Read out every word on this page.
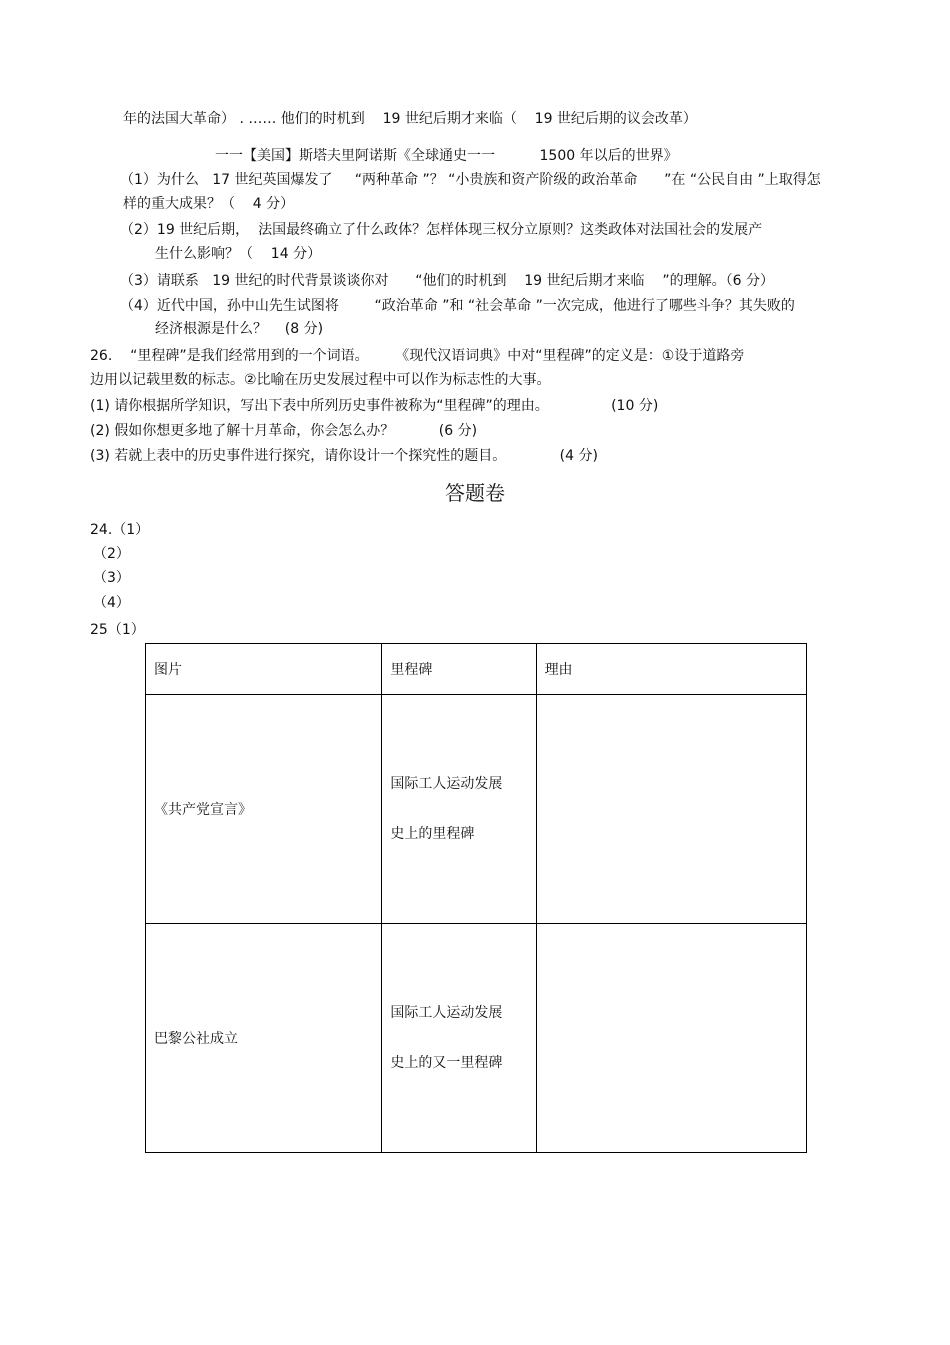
年的法国大革命） . …… 他们的时机到    19 世纪后期才来临（    19 世纪后期的议会改革）
一一【美国】斯塔夫里阿诺斯《全球通史一一          1500 年以后的世界》
（1）为什么   17 世纪英国爆发了     “两种革命 ”？ “小贵族和资产阶级的政治革命      ”在 “公民自由 ”上取得怎
样的重大成果？（    4 分）
（2）19 世纪后期，  法国最终确立了什么政体？怎样体现三权分立原则？这类政体对法国社会的发展产
生什么影响？（    14 分）
（3）请联系   19 世纪的时代背景谈谈你对      “他们的时机到    19 世纪后期才来临    ”的理解。（6 分）
（4）近代中国，孙中山先生试图将        “政治革命 ”和 “社会革命 ”一次完成，他进行了哪些斗争？其失败的
经济根源是什么？    (8 分)
26.    “里程碑”是我们经常用到的一个词语。      《现代汉语词典》中对“里程碑”的定义是：①设于道路旁
边用以记载里数的标志。②比喻在历史发展过程中可以作为标志性的大事。
(1) 请你根据所学知识，写出下表中所列历史事件被称为“里程碑”的理由。              (10 分)
(2) 假如你想更多地了解十月革命，你会怎么办？          (6 分)
(3) 若就上表中的历史事件进行探究，请你设计一个探究性的题目。            (4 分)
答题卷
24.（1）
（2）
（3）
（4）
25（1）
图片	里程碑	理由
《共产党宣言》	国际工人运动发展

史上的里程碑	

巴黎公社成立	国际工人运动发展

史上的又一里程碑	
